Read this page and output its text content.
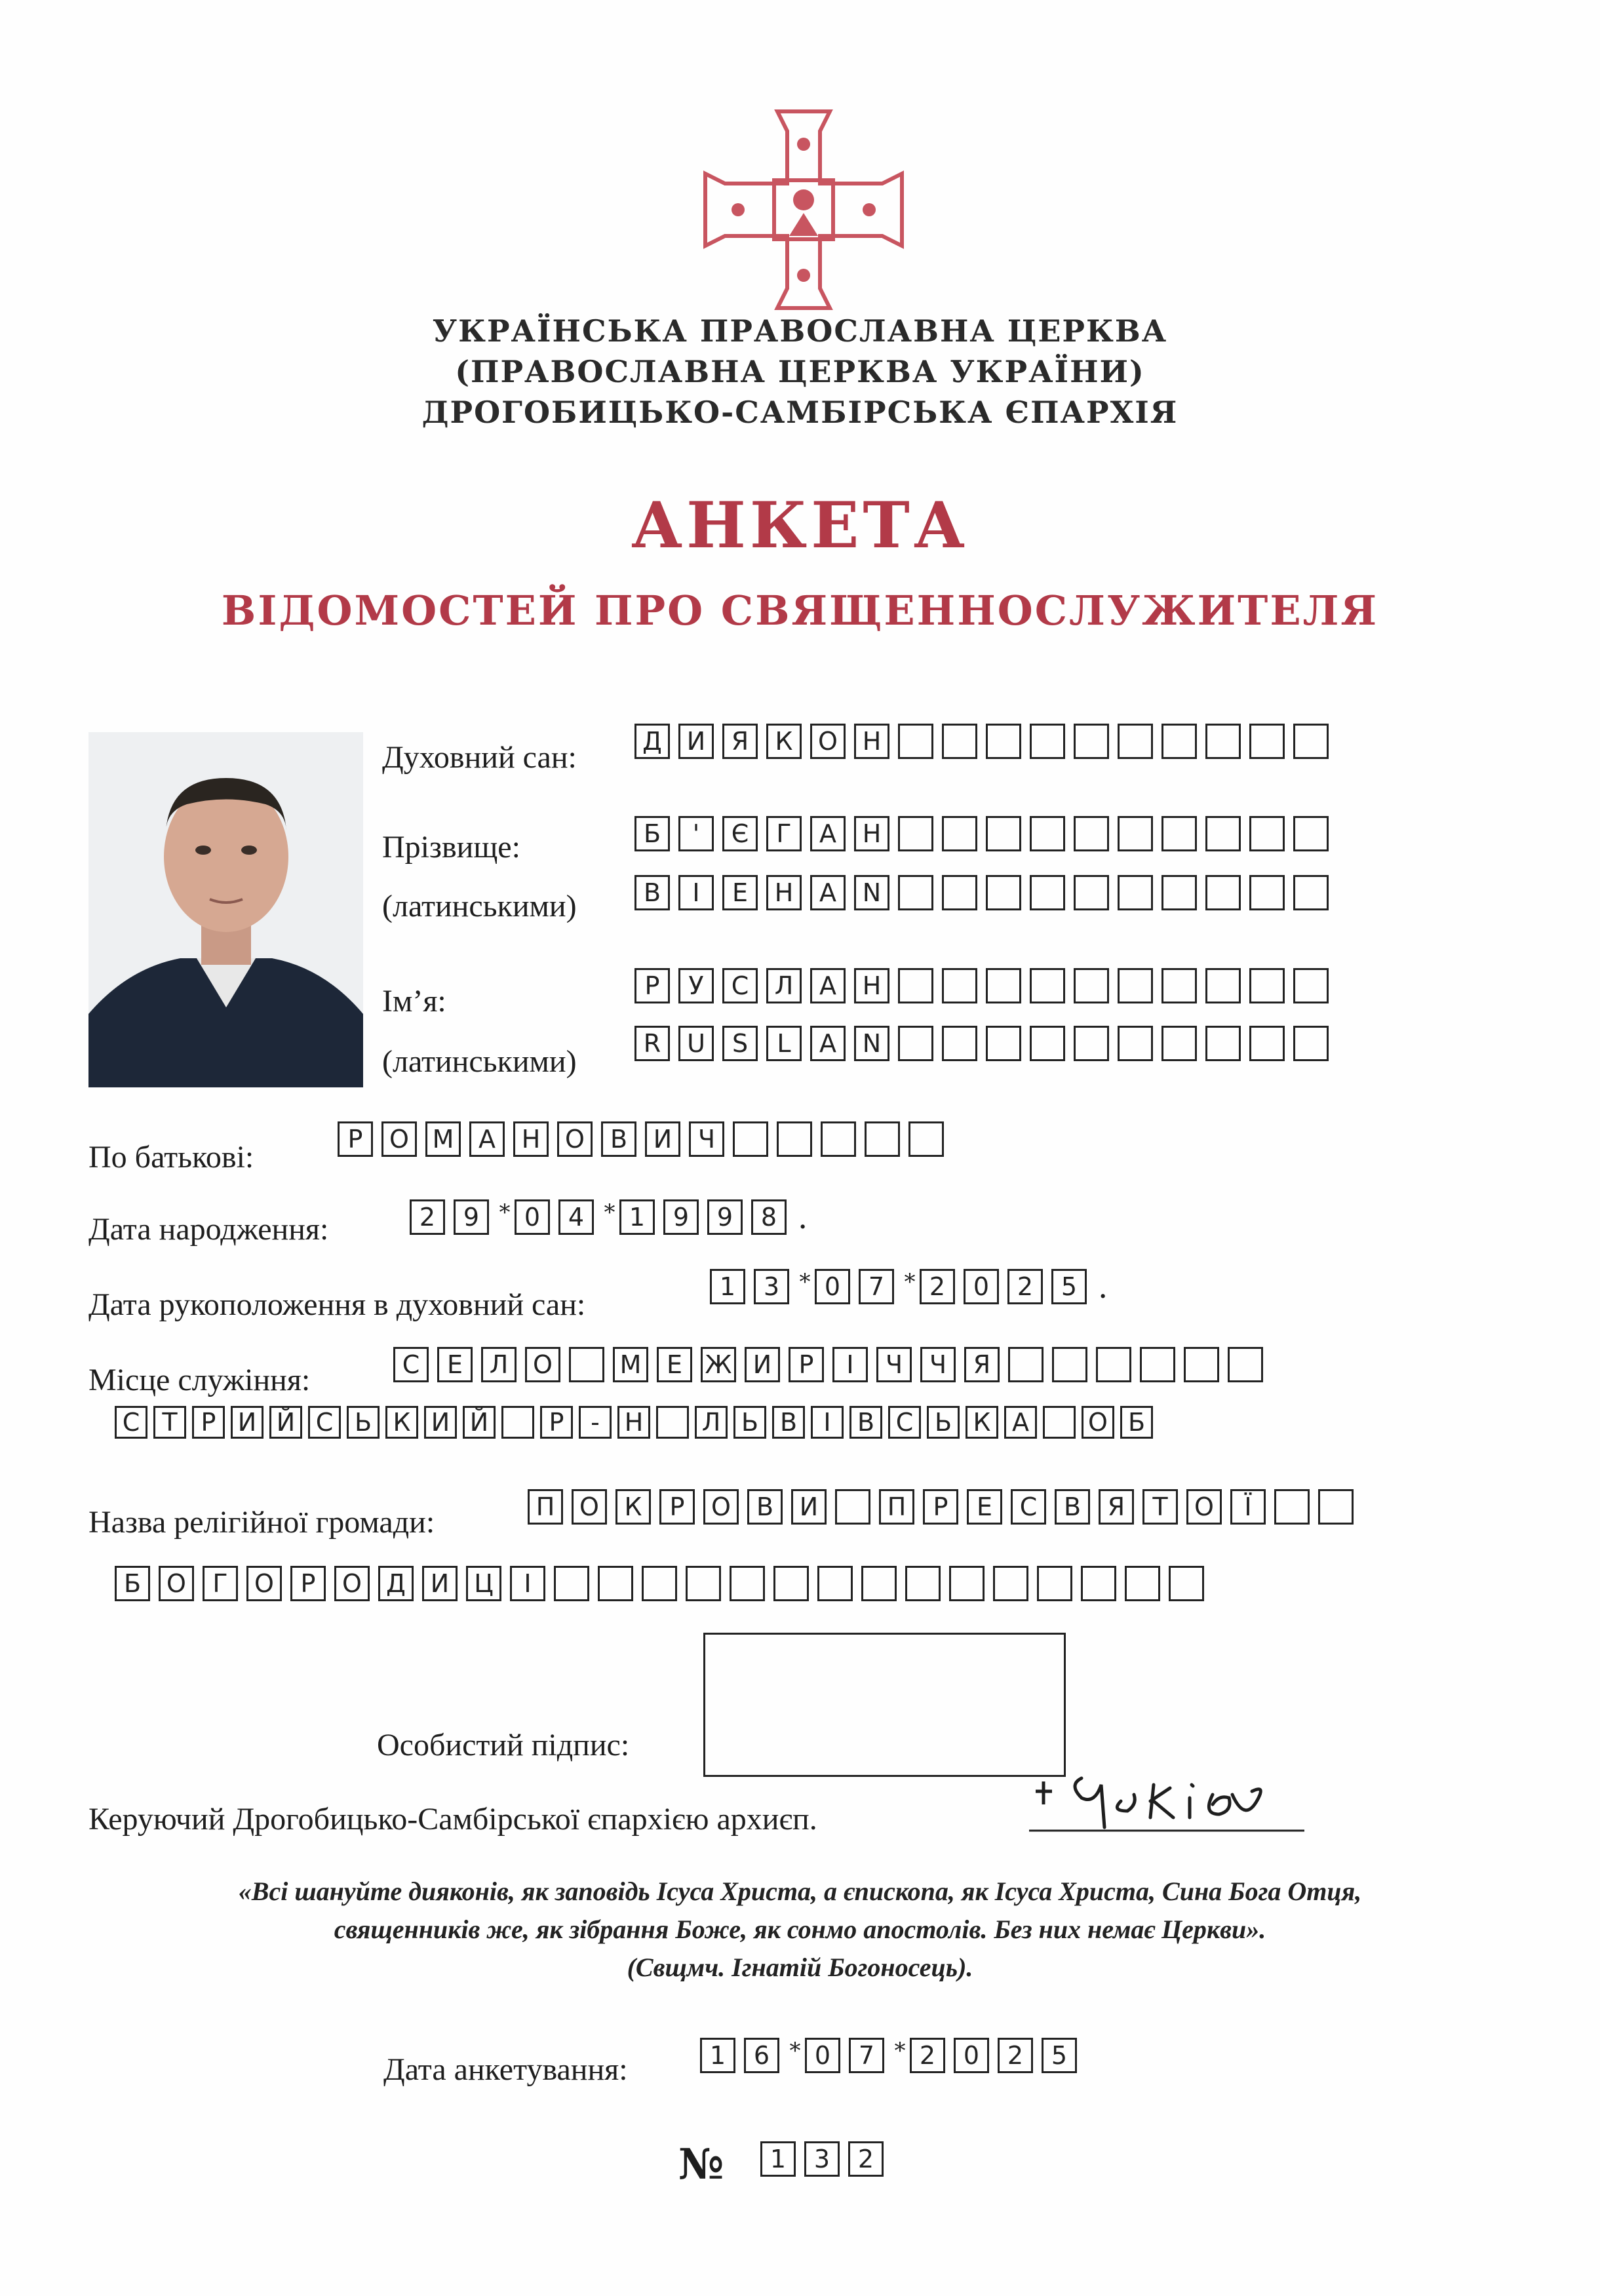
УКРАЇНСЬКА ПРАВОСЛАВНА ЦЕРКВА
(ПРАВОСЛАВНА ЦЕРКВА УКРАЇНИ)
ДРОГОБИЦЬКО-САМБІРСЬКА ЄПАРХІЯ
АНКЕТА
ВІДОМОСТЕЙ ПРО СВЯЩЕННОСЛУЖИТЕЛЯ
Духовний сан:	Д И	Я	К	О Н
Прізвище:	Б	'	Є	Г	А	Н
(латинськими)	B	I	E	H	A	N
Ім’я:	Р	У	С	Л	А	Н
(латинськими)
R	U	S	L	A	N
По батькові:
Р	О М А	Н О	В	И	Ч
Дата народження:	2	9 * 0	4 * 1	9	9	8 .
Дата рукоположення в духовний сан:
1	3 * 0	7 * 2	0	2	5 .
Місце служіння:	С	Е	Л О	М	Е Ж И	Р	І	Ч	Ч	Я
С Т Р И Й С Ь К И Й	Р	- Н Л Ь В	І	В С Ь К А	О Б
Назва релігійної громади:	П О	К	Р	О	В	И	П	Р	Е	С	В	Я	Т	О	Ї
Б	О	Г	О	Р	О Д И	Ц	І
Особистий підпис:
Керуючий Дрогобицько-Самбірської єпархією архиєп.
«Всі шануйте дияконів, як заповідь Ісуса Христа, а єпископа, як Ісуса Христа, Сина Бога Отця,
священників же, як зібрання Боже, як сонмо апостолів. Без них немає Церкви».
(Свщмч. Ігнатій Богоносець).
Дата анкетування:	1	6 * 0	7 * 2	0	2	5
№	1	3	2
